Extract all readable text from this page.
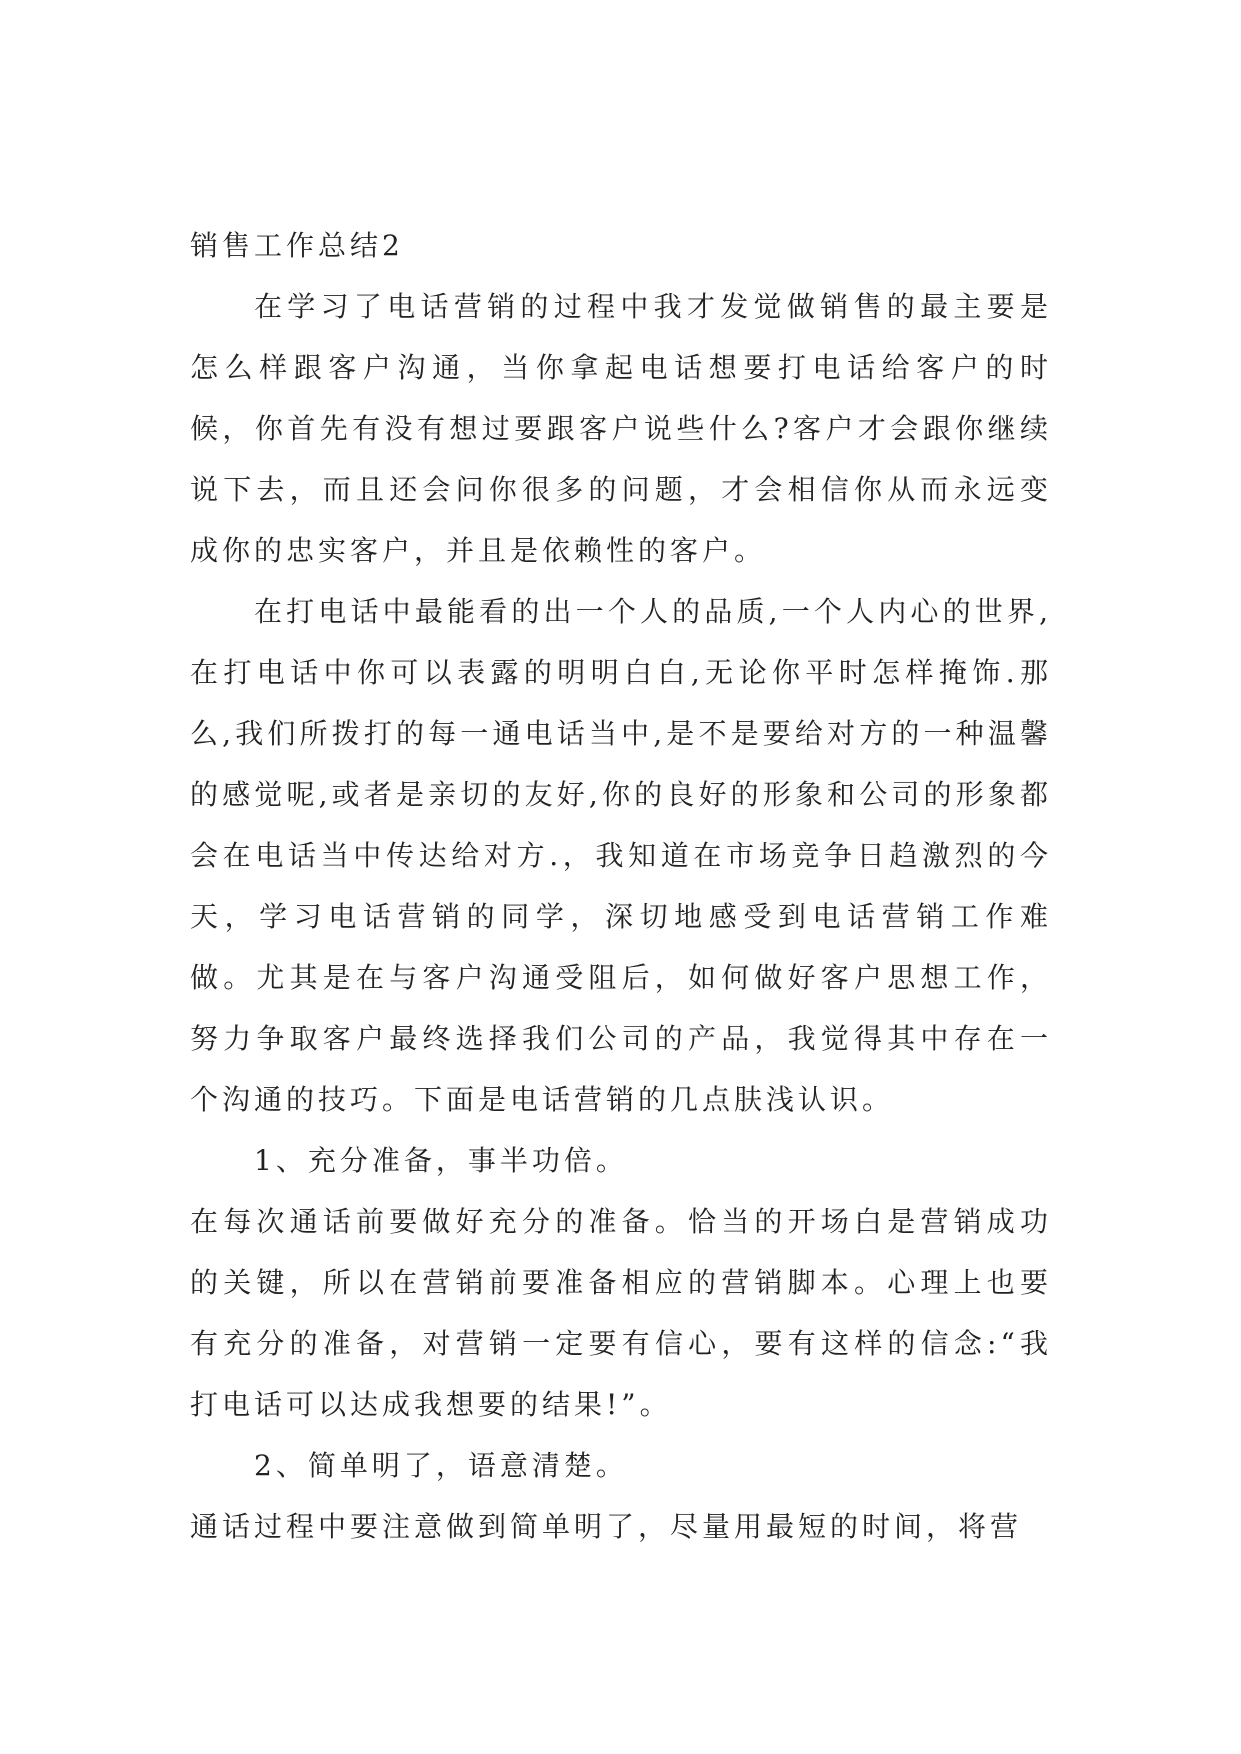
销售工作总结2

在学习了电话营销的过程中我才发觉做销售的最主要是怎么样跟客户沟通，当你拿起电话想要打电话给客户的时候，你首先有没有想过要跟客户说些什么?客户才会跟你继续说下去，而且还会问你很多的问题，才会相信你从而永远变成你的忠实客户，并且是依赖性的客户。

在打电话中最能看的出一个人的品质,一个人内心的世界,在打电话中你可以表露的明明白白,无论你平时怎样掩饰.那么,我们所拨打的每一通电话当中,是不是要给对方的一种温馨的感觉呢,或者是亲切的友好,你的良好的形象和公司的形象都会在电话当中传达给对方.，我知道在市场竞争日趋激烈的今天，学习电话营销的同学，深切地感受到电话营销工作难做。尤其是在与客户沟通受阻后，如何做好客户思想工作，努力争取客户最终选择我们公司的产品，我觉得其中存在一个沟通的技巧。下面是电话营销的几点肤浅认识。

1、充分准备，事半功倍。

在每次通话前要做好充分的准备。恰当的开场白是营销成功的关键，所以在营销前要准备相应的营销脚本。心理上也要有充分的准备，对营销一定要有信心，要有这样的信念:“我打电话可以达成我想要的结果!”。

2、简单明了，语意清楚。

通话过程中要注意做到简单明了，尽量用最短的时间，将营
